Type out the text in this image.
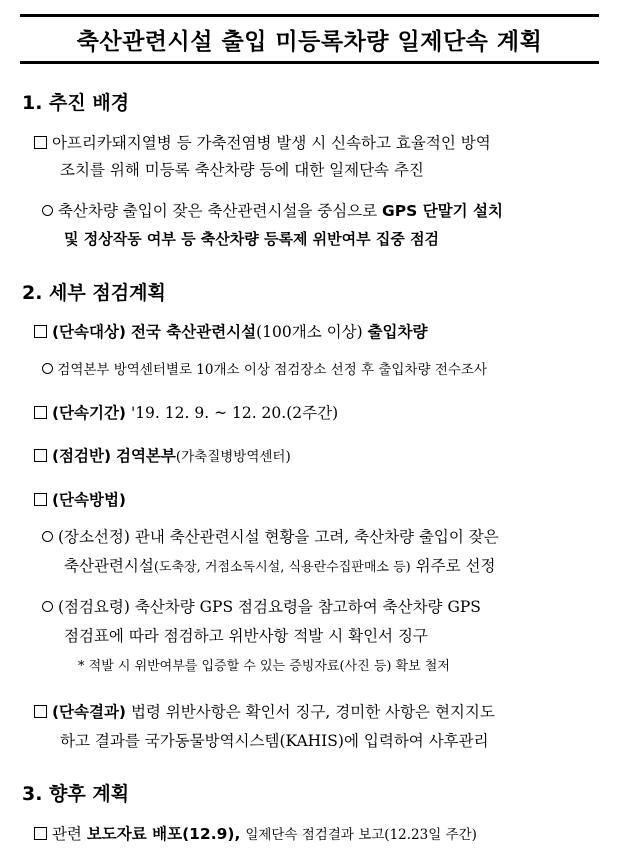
축산관련시설 출입 미등록차량 일제단속 계획
1. 추진 배경
아프리카돼지열병 등 가축전염병 발생 시 신속하고 효율적인 방역
조치를 위해 미등록 축산차량 등에 대한 일제단속 추진
축산차량 출입이 잦은 축산관련시설을 중심으로 GPS 단말기 설치
및 정상작동 여부 등 축산차량 등록제 위반여부 집중 점검
2. 세부 점검계획
(단속대상) 전국 축산관련시설(100개소 이상) 출입차량
검역본부 방역센터별로 10개소 이상 점검장소 선정 후 출입차량 전수조사
(단속기간) '19. 12. 9. ~ 12. 20.(2주간)
(점검반) 검역본부(가축질병방역센터)
(단속방법)
(장소선정) 관내 축산관련시설 현황을 고려, 축산차량 출입이 잦은
축산관련시설(도축장, 거점소독시설, 식용란수집판매소 등) 위주로 선정
(점검요령) 축산차량 GPS 점검요령을 참고하여 축산차량 GPS
점검표에 따라 점검하고 위반사항 적발 시 확인서 징구
* 적발 시 위반여부를 입증할 수 있는 증빙자료(사진 등) 확보 철저
(단속결과) 법령 위반사항은 확인서 징구, 경미한 사항은 현지지도
하고 결과를 국가동물방역시스템(KAHIS)에 입력하여 사후관리
3. 향후 계획
관련 보도자료 배포(12.9), 일제단속 점검결과 보고(12.23일 주간)
